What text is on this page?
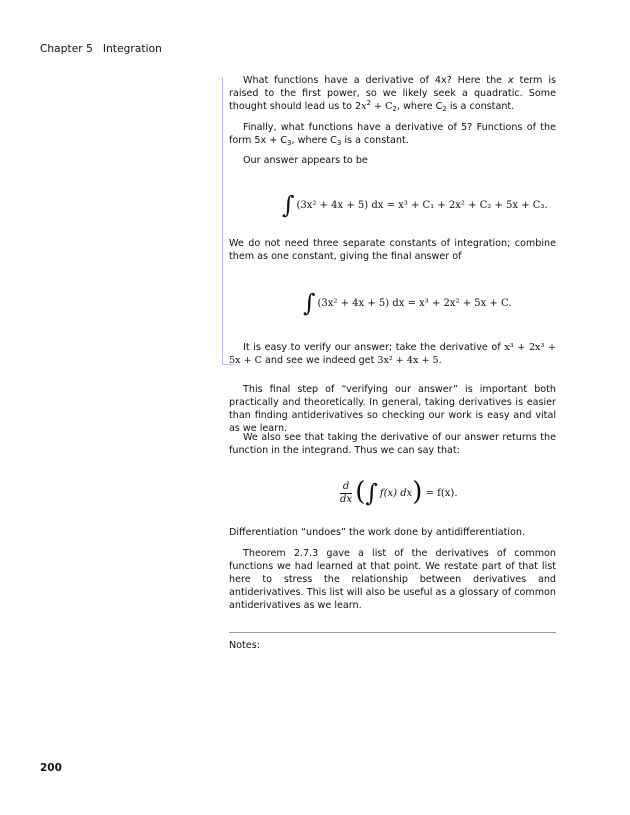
Chapter 5 Integration

What functions have a derivative of 4x? Here the x term is raised to the first power, so we likely seek a quadratic. Some thought should lead us to $2x^2 + C_2$, where $C_2$ is a constant.

Finally, what functions have a derivative of 5? Functions of the form $5x + C_3$, where $C_3$ is a constant.

Our answer appears to be

∫ (3x² + 4x + 5) dx = x³ + C₁ + 2x² + C₂ + 5x + C₃.

We do not need three separate constants of integration; combine them as one constant, giving the final answer of

∫ (3x² + 4x + 5) dx = x³ + 2x² + 5x + C.

It is easy to verify our answer; take the derivative of x³ + 2x³ + 5x + C and see we indeed get 3x² + 4x + 5.

This final step of “verifying our answer” is important both practically and theoretically. In general, taking derivatives is easier than finding antiderivatives so checking our work is easy and vital as we learn.

We also see that taking the derivative of our answer returns the function in the integrand. Thus we can say that:

$\frac{d}{dx}$ (∫ f(x) dx) = f(x).

Differentiation “undoes” the work done by antidifferentiation.

Theorem 2.7.3 gave a list of the derivatives of common functions we had learned at that point. We restate part of that list here to stress the relationship between derivatives and antiderivatives. This list will also be useful as a glossary of common antiderivatives as we learn.

Notes:
200
